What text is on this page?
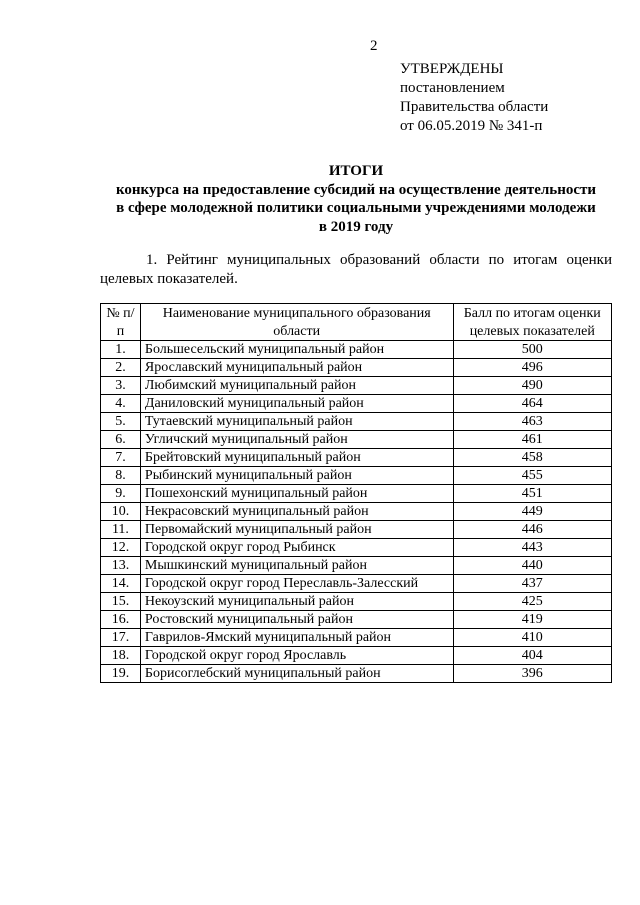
2
УТВЕРЖДЕНЫ
постановлением
Правительства области
от 06.05.2019 № 341-п
ИТОГИ
конкурса на предоставление субсидий на осуществление деятельности
в сфере молодежной политики социальными учреждениями молодежи
в 2019 году
1. Рейтинг муниципальных образований области по итогам оценки целевых показателей.
№ п/п	Наименование муниципального образования области	Балл по итогам оценки целевых показателей
1.	Большесельский муниципальный район	500
2.	Ярославский муниципальный район	496
3.	Любимский муниципальный район	490
4.	Даниловский муниципальный район	464
5.	Тутаевский муниципальный район	463
6.	Угличский муниципальный район	461
7.	Брейтовский муниципальный район	458
8.	Рыбинский муниципальный район	455
9.	Пошехонский муниципальный район	451
10.	Некрасовский муниципальный район	449
11.	Первомайский муниципальный район	446
12.	Городской округ город Рыбинск	443
13.	Мышкинский муниципальный район	440
14.	Городской округ город Переславль-Залесский	437
15.	Некоузский муниципальный район	425
16.	Ростовский муниципальный район	419
17.	Гаврилов-Ямский муниципальный район	410
18.	Городской округ город Ярославль	404
19.	Борисоглебский муниципальный район	396
